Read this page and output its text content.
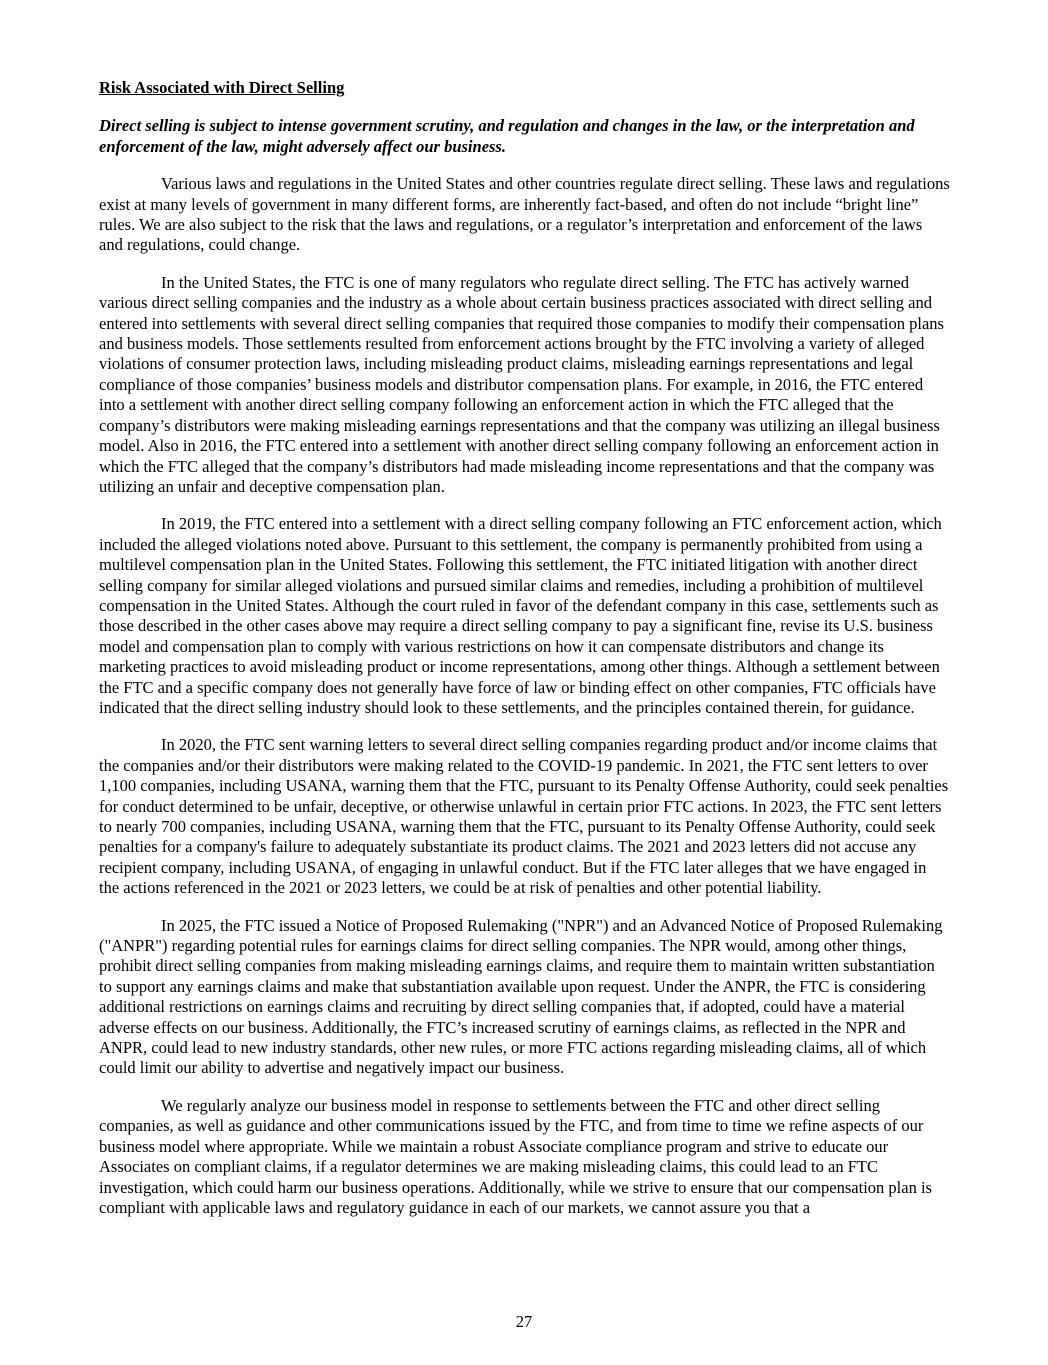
Risk Associated with Direct Selling

Direct selling is subject to intense government scrutiny, and regulation and changes in the law, or the interpretation and enforcement of the law, might adversely affect our business.

Various laws and regulations in the United States and other countries regulate direct selling. These laws and regulations exist at many levels of government in many different forms, are inherently fact-based, and often do not include “bright line” rules. We are also subject to the risk that the laws and regulations, or a regulator’s interpretation and enforcement of the laws and regulations, could change.

In the United States, the FTC is one of many regulators who regulate direct selling. The FTC has actively warned various direct selling companies and the industry as a whole about certain business practices associated with direct selling and entered into settlements with several direct selling companies that required those companies to modify their compensation plans and business models. Those settlements resulted from enforcement actions brought by the FTC involving a variety of alleged violations of consumer protection laws, including misleading product claims, misleading earnings representations and legal compliance of those companies’ business models and distributor compensation plans. For example, in 2016, the FTC entered into a settlement with another direct selling company following an enforcement action in which the FTC alleged that the company’s distributors were making misleading earnings representations and that the company was utilizing an illegal business model. Also in 2016, the FTC entered into a settlement with another direct selling company following an enforcement action in which the FTC alleged that the company’s distributors had made misleading income representations and that the company was utilizing an unfair and deceptive compensation plan.

In 2019, the FTC entered into a settlement with a direct selling company following an FTC enforcement action, which included the alleged violations noted above. Pursuant to this settlement, the company is permanently prohibited from using a multilevel compensation plan in the United States. Following this settlement, the FTC initiated litigation with another direct selling company for similar alleged violations and pursued similar claims and remedies, including a prohibition of multilevel compensation in the United States. Although the court ruled in favor of the defendant company in this case, settlements such as those described in the other cases above may require a direct selling company to pay a significant fine, revise its U.S. business model and compensation plan to comply with various restrictions on how it can compensate distributors and change its marketing practices to avoid misleading product or income representations, among other things. Although a settlement between the FTC and a specific company does not generally have force of law or binding effect on other companies, FTC officials have indicated that the direct selling industry should look to these settlements, and the principles contained therein, for guidance.

In 2020, the FTC sent warning letters to several direct selling companies regarding product and/or income claims that the companies and/or their distributors were making related to the COVID-19 pandemic. In 2021, the FTC sent letters to over 1,100 companies, including USANA, warning them that the FTC, pursuant to its Penalty Offense Authority, could seek penalties for conduct determined to be unfair, deceptive, or otherwise unlawful in certain prior FTC actions. In 2023, the FTC sent letters to nearly 700 companies, including USANA, warning them that the FTC, pursuant to its Penalty Offense Authority, could seek penalties for a company's failure to adequately substantiate its product claims. The 2021 and 2023 letters did not accuse any recipient company, including USANA, of engaging in unlawful conduct. But if the FTC later alleges that we have engaged in the actions referenced in the 2021 or 2023 letters, we could be at risk of penalties and other potential liability.

In 2025, the FTC issued a Notice of Proposed Rulemaking ("NPR") and an Advanced Notice of Proposed Rulemaking ("ANPR") regarding potential rules for earnings claims for direct selling companies. The NPR would, among other things, prohibit direct selling companies from making misleading earnings claims, and require them to maintain written substantiation to support any earnings claims and make that substantiation available upon request. Under the ANPR, the FTC is considering additional restrictions on earnings claims and recruiting by direct selling companies that, if adopted, could have a material adverse effects on our business. Additionally, the FTC’s increased scrutiny of earnings claims, as reflected in the NPR and ANPR, could lead to new industry standards, other new rules, or more FTC actions regarding misleading claims, all of which could limit our ability to advertise and negatively impact our business.

We regularly analyze our business model in response to settlements between the FTC and other direct selling companies, as well as guidance and other communications issued by the FTC, and from time to time we refine aspects of our business model where appropriate. While we maintain a robust Associate compliance program and strive to educate our Associates on compliant claims, if a regulator determines we are making misleading claims, this could lead to an FTC investigation, which could harm our business operations. Additionally, while we strive to ensure that our compensation plan is compliant with applicable laws and regulatory guidance in each of our markets, we cannot assure you that a

27
